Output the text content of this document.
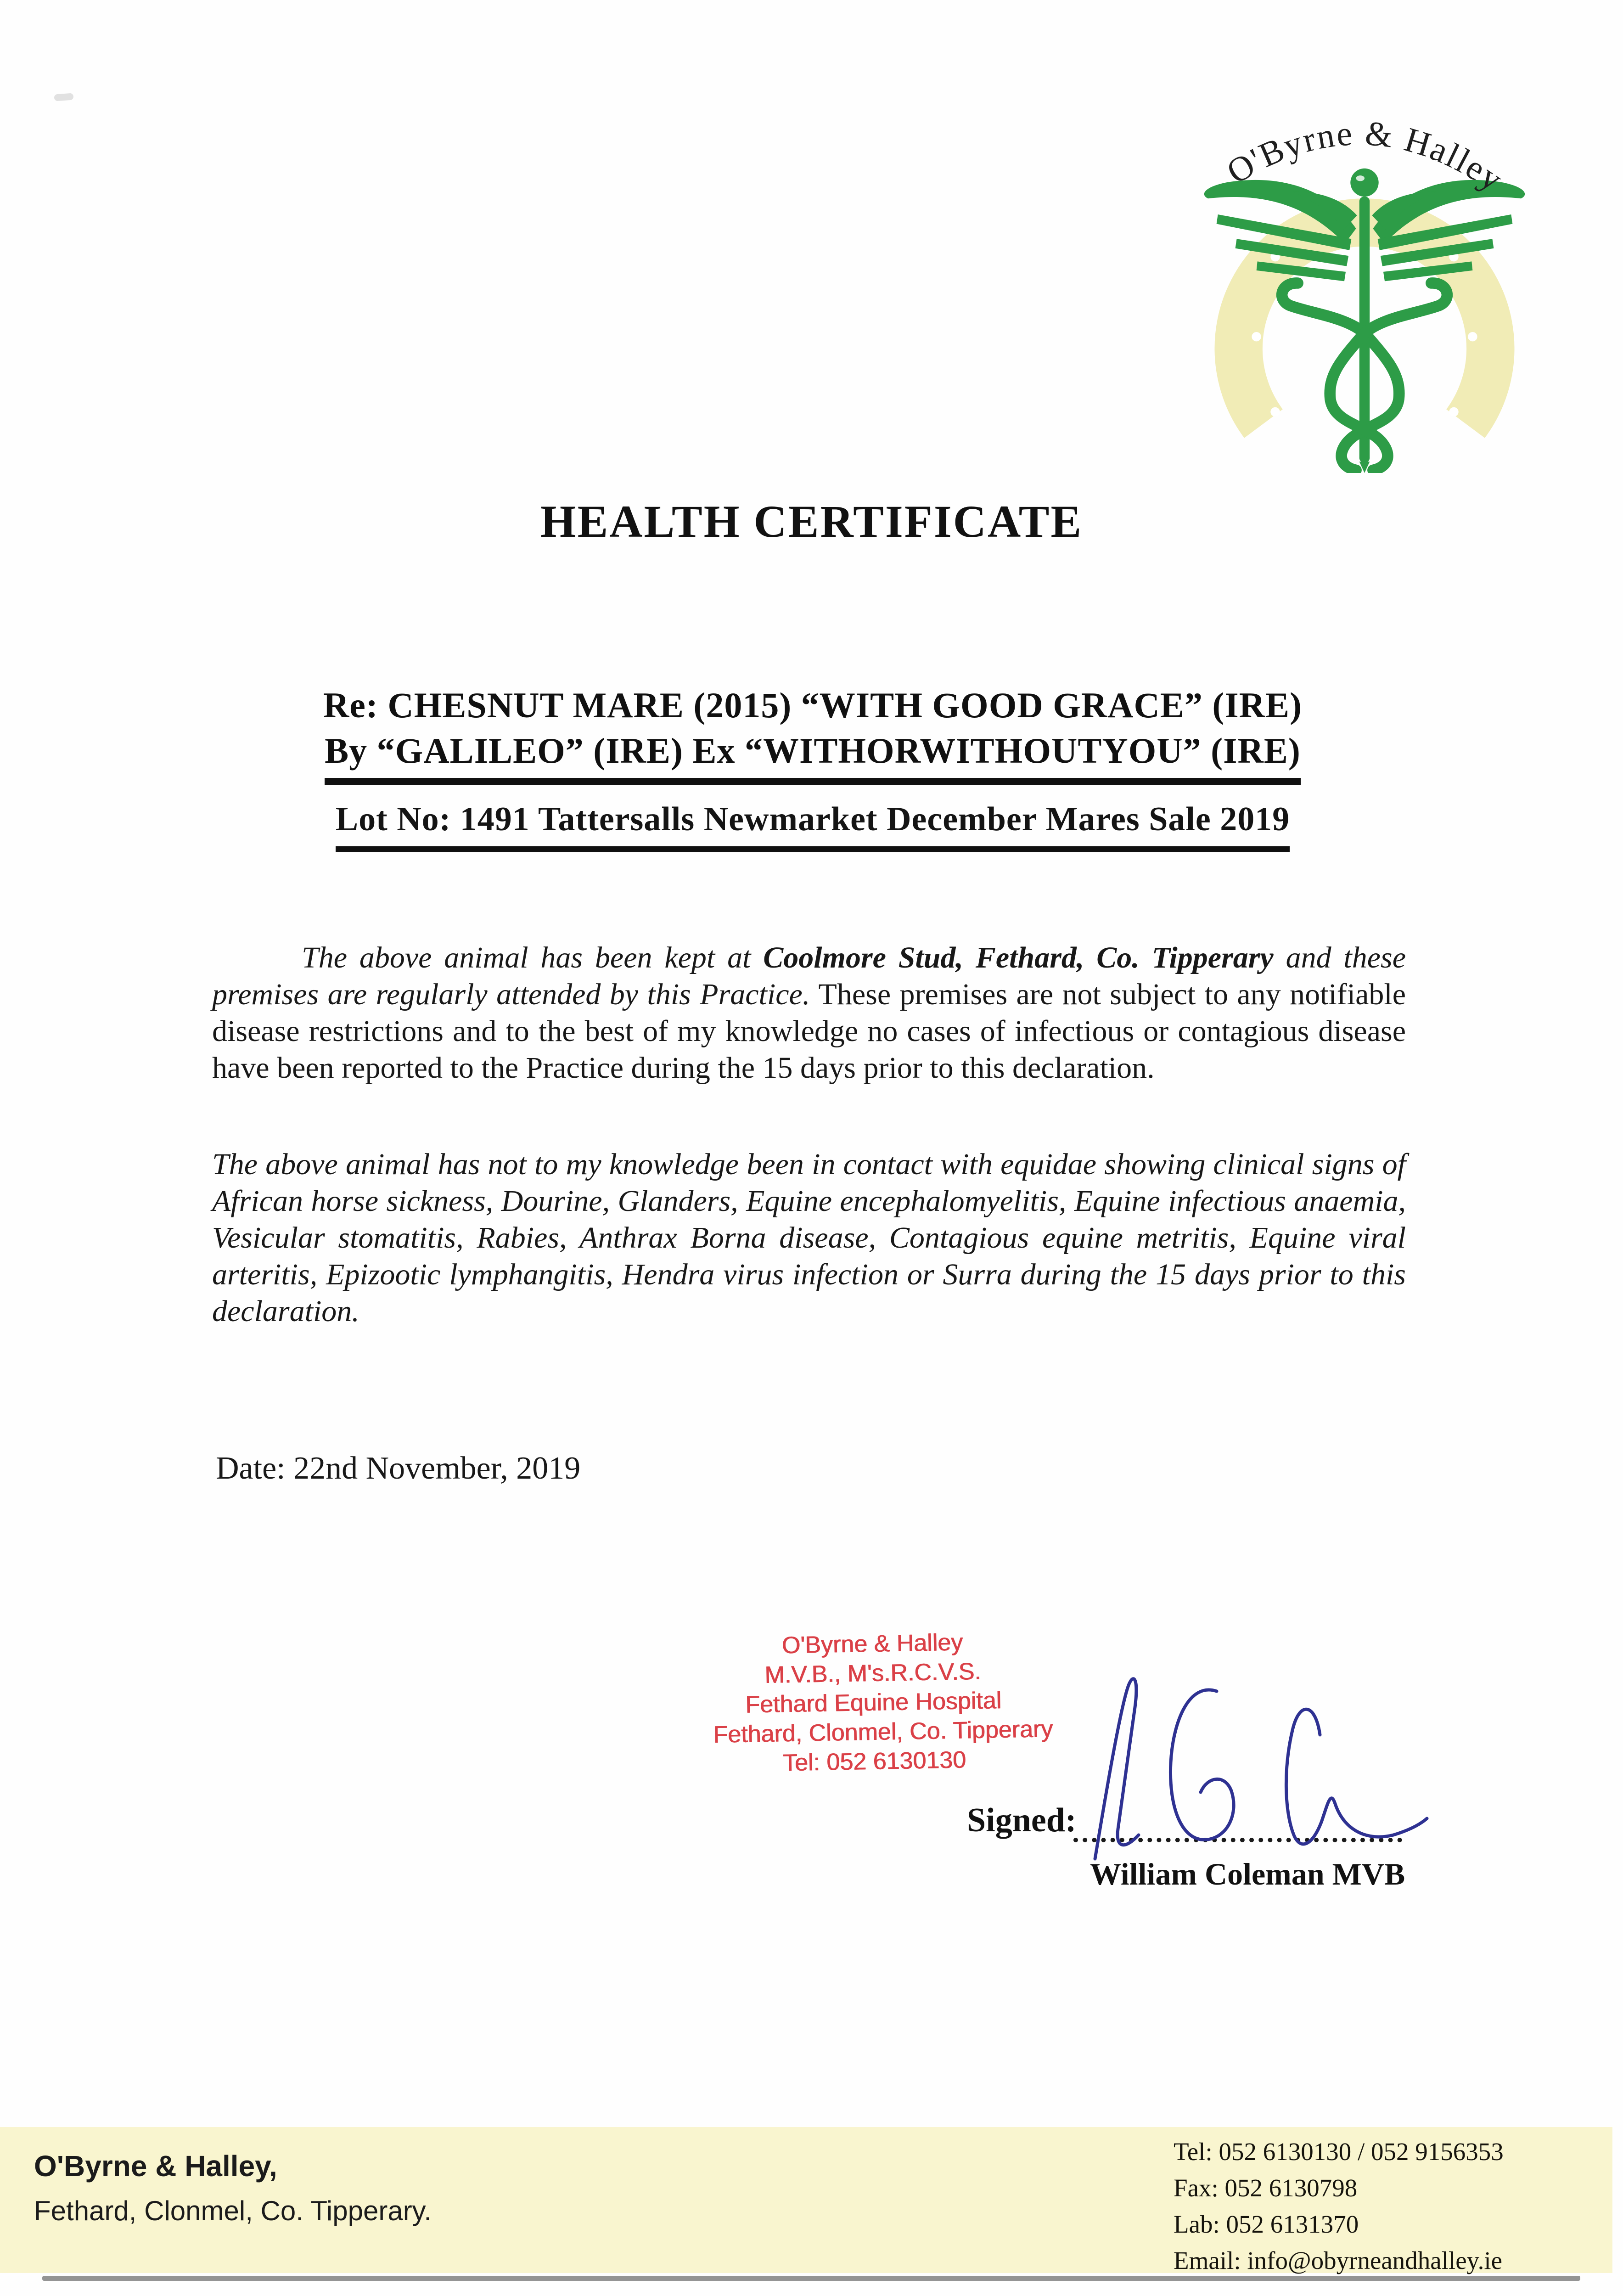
O'Byrne & Halley
HEALTH CERTIFICATE
Re: CHESNUT MARE (2015) “WITH GOOD GRACE” (IRE)
By “GALILEO” (IRE) Ex “WITHORWITHOUTYOU” (IRE)
Lot No: 1491 Tattersalls Newmarket December Mares Sale 2019
The above animal has been kept at Coolmore Stud, Fethard, Co. Tipperary and these premises are regularly attended by this Practice. These premises are not subject to any notifiable disease restrictions and to the best of my knowledge no cases of infectious or contagious disease have been reported to the Practice during the 15 days prior to this declaration.
The above animal has not to my knowledge been in contact with equidae showing clinical signs of African horse sickness, Dourine, Glanders, Equine encephalomyelitis, Equine infectious anaemia, Vesicular stomatitis, Rabies, Anthrax Borna disease, Contagious equine metritis, Equine viral arteritis, Epizootic lymphangitis, Hendra virus infection or Surra during the 15 days prior to this declaration.
Date: 22nd November, 2019
O'Byrne & Halley
M.V.B., M's.R.C.V.S.
Fethard Equine Hospital
Fethard, Clonmel, Co. Tipperary
Tel: 052 6130130
Signed:
William Coleman MVB
O'Byrne & Halley,
Fethard, Clonmel, Co. Tipperary.
Tel: 052 6130130 / 052 9156353
Fax: 052 6130798
Lab: 052 6131370
Email: info@obyrneandhalley.ie
